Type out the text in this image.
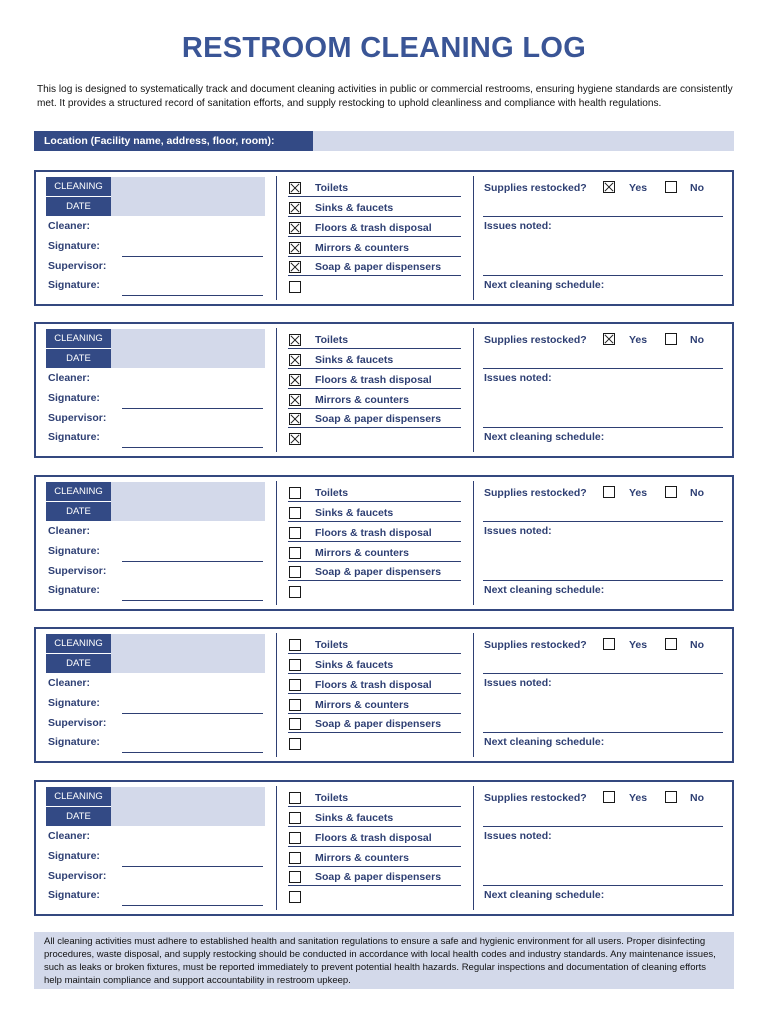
RESTROOM CLEANING LOG
This log is designed to systematically track and document cleaning activities in public or commercial restrooms, ensuring hygiene standards are consistently met. It provides a structured record of sanitation efforts, and supply restocking to uphold cleanliness and compliance with health regulations.
Location (Facility name, address, floor, room):
CLEANING
DATE
Cleaner:
Signature:
Supervisor:
Signature:
Toilets
Sinks & faucets
Floors & trash disposal
Mirrors & counters
Soap & paper dispensers
Supplies restocked?	Yes	No
Issues noted:
Next cleaning schedule:
CLEANING
DATE
Cleaner:
Signature:
Supervisor:
Signature:
Toilets
Sinks & faucets
Floors & trash disposal
Mirrors & counters
Soap & paper dispensers
Supplies restocked?	Yes	No
Issues noted:
Next cleaning schedule:
CLEANING
DATE
Cleaner:
Signature:
Supervisor:
Signature:
Toilets
Sinks & faucets
Floors & trash disposal
Mirrors & counters
Soap & paper dispensers
Supplies restocked?	Yes	No
Issues noted:
Next cleaning schedule:
CLEANING
DATE
Cleaner:
Signature:
Supervisor:
Signature:
Toilets
Sinks & faucets
Floors & trash disposal
Mirrors & counters
Soap & paper dispensers
Supplies restocked?	Yes	No
Issues noted:
Next cleaning schedule:
CLEANING
DATE
Cleaner:
Signature:
Supervisor:
Signature:
Toilets
Sinks & faucets
Floors & trash disposal
Mirrors & counters
Soap & paper dispensers
Supplies restocked?	Yes	No
Issues noted:
Next cleaning schedule:
All cleaning activities must adhere to established health and sanitation regulations to ensure a safe and hygienic environment for all users. Proper disinfecting procedures, waste disposal, and supply restocking should be conducted in accordance with local health codes and industry standards. Any maintenance issues, such as leaks or broken fixtures, must be reported immediately to prevent potential health hazards. Regular inspections and documentation of cleaning efforts help maintain compliance and support accountability in restroom upkeep.
